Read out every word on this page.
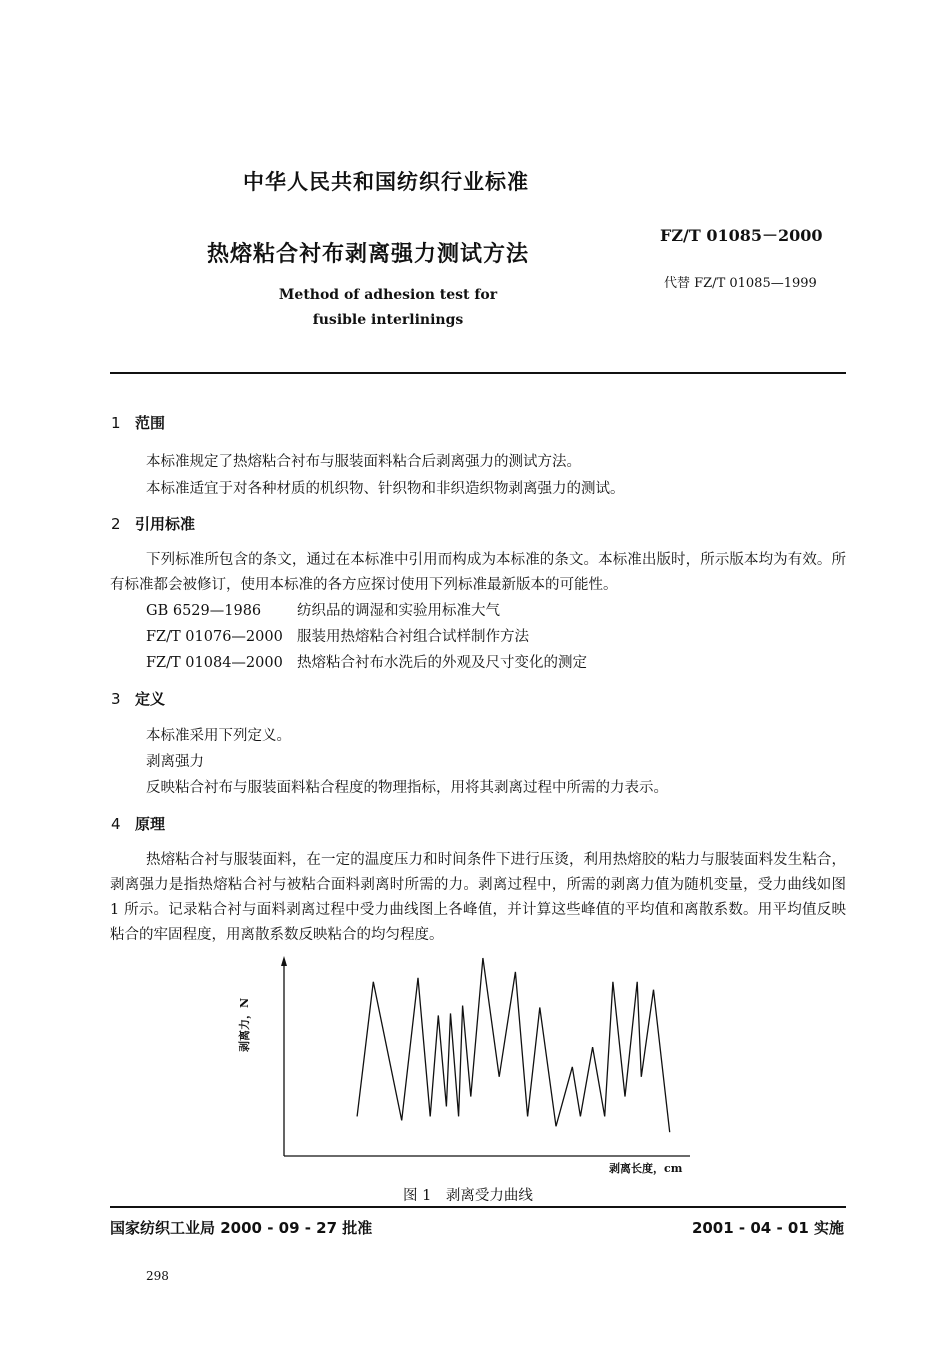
中华人民共和国纺织行业标准
FZ/T 01085－2000
热熔粘合衬布剥离强力测试方法
代替 FZ/T 01085—1999
Method of adhesion test for
fusible interlinings
1 范围
本标准规定了热熔粘合衬布与服装面料粘合后剥离强力的测试方法。
本标准适宜于对各种材质的机织物、针织物和非织造织物剥离强力的测试。
2 引用标准
下列标准所包含的条文，通过在本标准中引用而构成为本标准的条文。本标准出版时，所示版本均为有效。所有标准都会被修订，使用本标准的各方应探讨使用下列标准最新版本的可能性。
GB 6529—1986 纺织品的调湿和实验用标准大气
FZ/T 01076—2000 服装用热熔粘合衬组合试样制作方法
FZ/T 01084—2000 热熔粘合衬布水洗后的外观及尺寸变化的测定
3 定义
本标准采用下列定义。
剥离强力
反映粘合衬布与服装面料粘合程度的物理指标，用将其剥离过程中所需的力表示。
4 原理
热熔粘合衬与服装面料，在一定的温度压力和时间条件下进行压烫，利用热熔胶的粘力与服装面料发生粘合，剥离强力是指热熔粘合衬与被粘合面料剥离时所需的力。剥离过程中，所需的剥离力值为随机变量，受力曲线如图 1 所示。记录粘合衬与面料剥离过程中受力曲线图上各峰值，并计算这些峰值的平均值和离散系数。用平均值反映粘合的牢固程度，用离散系数反映粘合的均匀程度。
剥离力，N
剥离长度，cm
图 1　剥离受力曲线
国家纺织工业局 2000 - 09 - 27 批准	2001 - 04 - 01 实施
298
